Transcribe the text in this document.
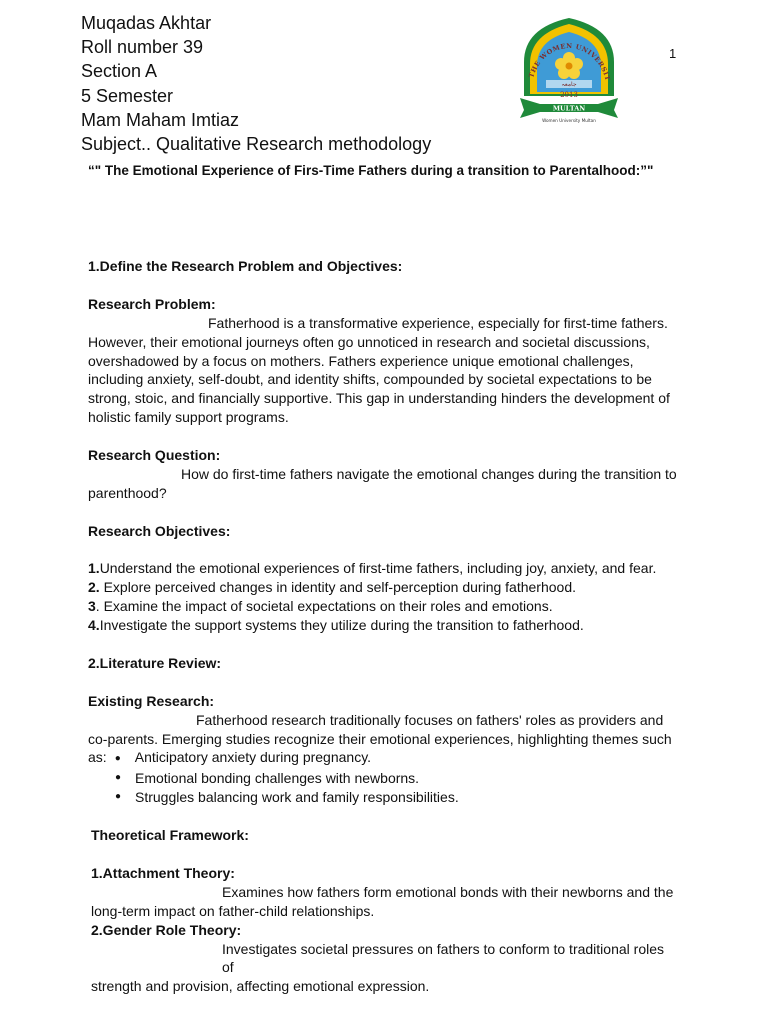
Muqadas Akhtar
Roll number 39
Section A
5 Semester
Mam Maham Imtiaz
Subject.. Qualitative Research methodology
1
THE WOMEN UNIVERSIT
جامعہ
2013
MULTAN
Women University Multan
“" The Emotional Experience of Firs-Time Fathers during a transition to Parentalhood:”"

1.Define the Research Problem and Objectives:

Research Problem:

Fatherhood is a transformative experience, especially for first-time fathers.

However, their emotional journeys often go unnoticed in research and societal discussions, overshadowed by a focus on mothers. Fathers experience unique emotional challenges, including anxiety, self-doubt, and identity shifts, compounded by societal expectations to be strong, stoic, and financially supportive. This gap in understanding hinders the development of holistic family support programs.

Research Question:

How do first-time fathers navigate the emotional changes during the transition to

parenthood?

Research Objectives:

1.Understand the emotional experiences of first-time fathers, including joy, anxiety, and fear.

2. Explore perceived changes in identity and self-perception during fatherhood.

3. Examine the impact of societal expectations on their roles and emotions.

4.Investigate the support systems they utilize during the transition to fatherhood.

2.Literature Review:

Existing Research:

Fatherhood research traditionally focuses on fathers' roles as providers and

co-parents. Emerging studies recognize their emotional experiences, highlighting themes such

as: ● Anticipatory anxiety during pregnancy.

● Emotional bonding challenges with newborns.
● Struggles balancing work and family responsibilities.

Theoretical Framework:

1.Attachment Theory:

Examines how fathers form emotional bonds with their newborns and the

long-term impact on father-child relationships.

2.Gender Role Theory:

Investigates societal pressures on fathers to conform to traditional roles of

strength and provision, affecting emotional expression.
